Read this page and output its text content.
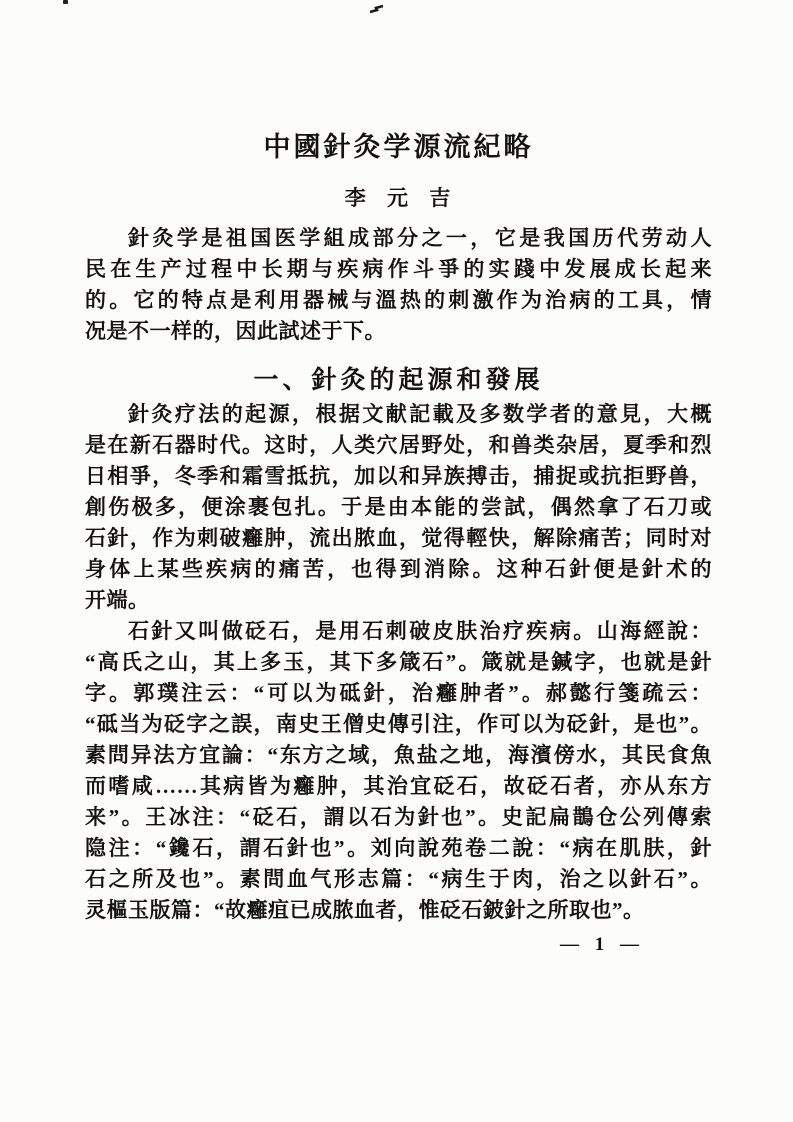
中國針灸学源流紀略
李 元 吉
針灸学是祖国医学組成部分之一，它是我国历代劳动人
民在生产过程中长期与疾病作斗爭的实踐中发展成长起来
的。它的特点是利用器械与溫热的刺激作为治病的工具，情
况是不一样的，因此試述于下。
一、針灸的起源和發展
針灸疗法的起源，根据文献記載及多数学者的意見，大概
是在新石器时代。这时，人类穴居野处，和兽类杂居，夏季和烈
日相爭，冬季和霜雪抵抗，加以和异族搏击，捕捉或抗拒野兽，
創伤极多，便涂裹包扎。于是由本能的尝試，偶然拿了石刀或
石針，作为刺破癰肿，流出脓血，觉得輕快，解除痛苦；同时对
身体上某些疾病的痛苦，也得到消除。这种石針便是針术的
开端。
石針又叫做砭石，是用石刺破皮肤治疗疾病。山海經說：
“高氏之山，其上多玉，其下多箴石”。箴就是鍼字，也就是針
字。郭璞注云：“可以为砥針，治癰肿者”。郝懿行箋疏云：
“砥当为砭字之誤，南史王僧史傳引注，作可以为砭針，是也”。
素問异法方宜論：“东方之域，魚盐之地，海濱傍水，其民食魚
而嗜咸……其病皆为癰肿，其治宜砭石，故砭石者，亦从东方
来”。王冰注：“砭石，謂以石为針也”。史記扁鵲仓公列傳索
隐注：“鑱石，謂石針也”。刘向說苑卷二說：“病在肌肤，針
石之所及也”。素問血气形志篇：“病生于肉，治之以針石”。
灵樞玉版篇：“故癰疽已成脓血者，惟砭石鈹針之所取也”。
— 1 —
